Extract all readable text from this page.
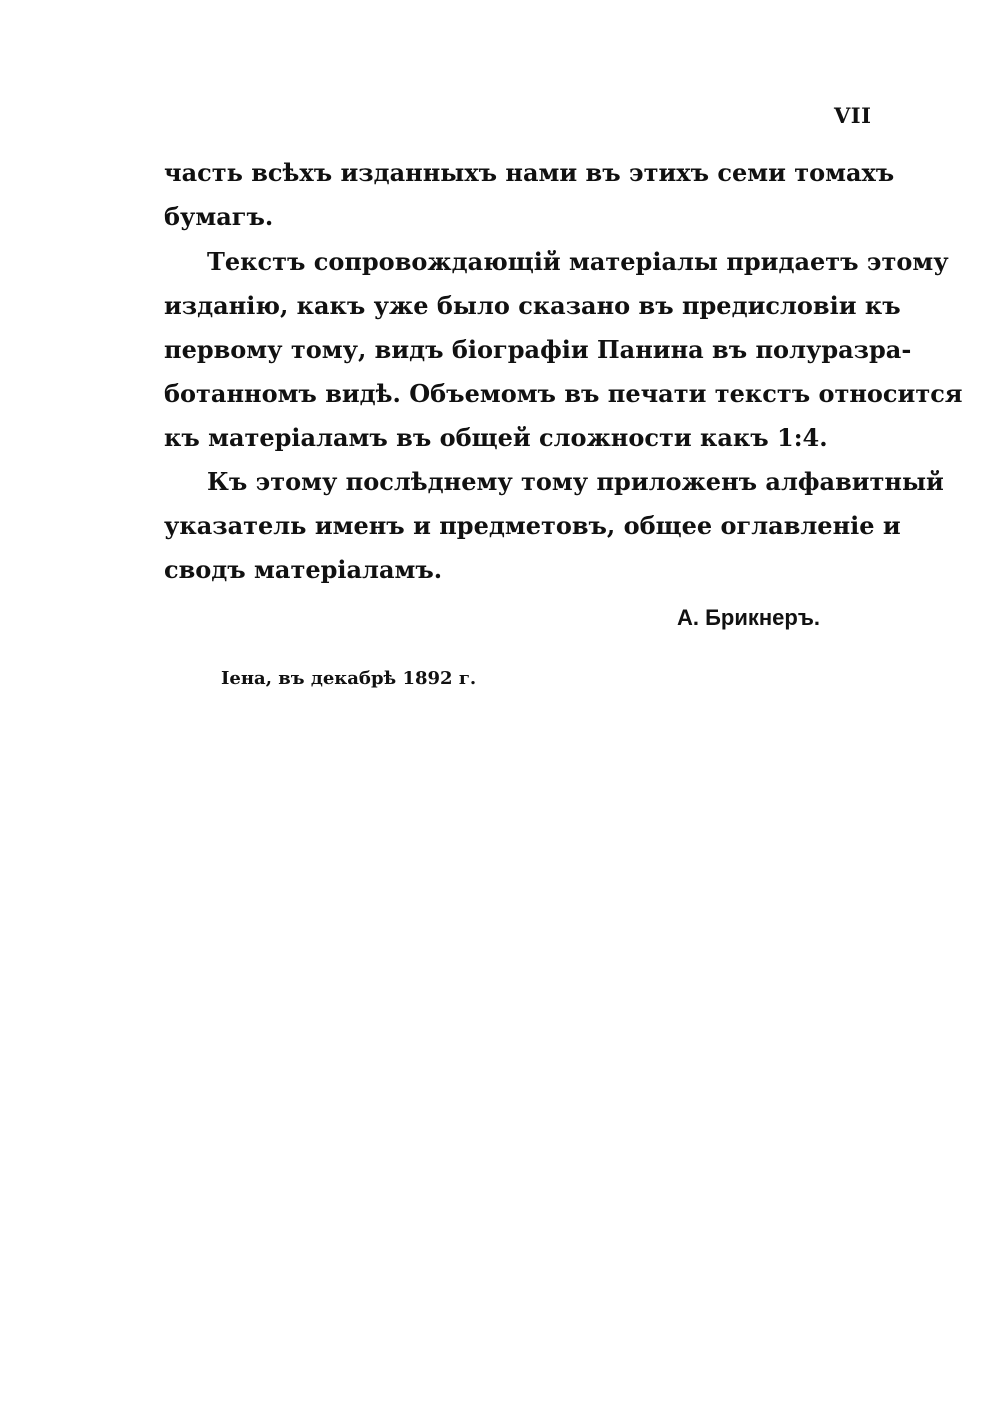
VII
часть всѣхъ изданныхъ нами въ этихъ семи томахъ
бумагъ.
Текстъ сопровождающій матеріалы придаетъ этому
изданію, какъ уже было сказано въ предисловіи къ
первому тому, видъ біографіи Панина въ полуразра-
ботанномъ видѣ. Объемомъ въ печати текстъ относится
къ матеріаламъ въ общей сложности какъ 1:4.
Къ этому послѣднему тому приложенъ алфавитный
указатель именъ и предметовъ, общее оглавленіе и
сводъ матеріаламъ.
А. Брикнеръ.
Іена, въ декабрѣ 1892 г.
